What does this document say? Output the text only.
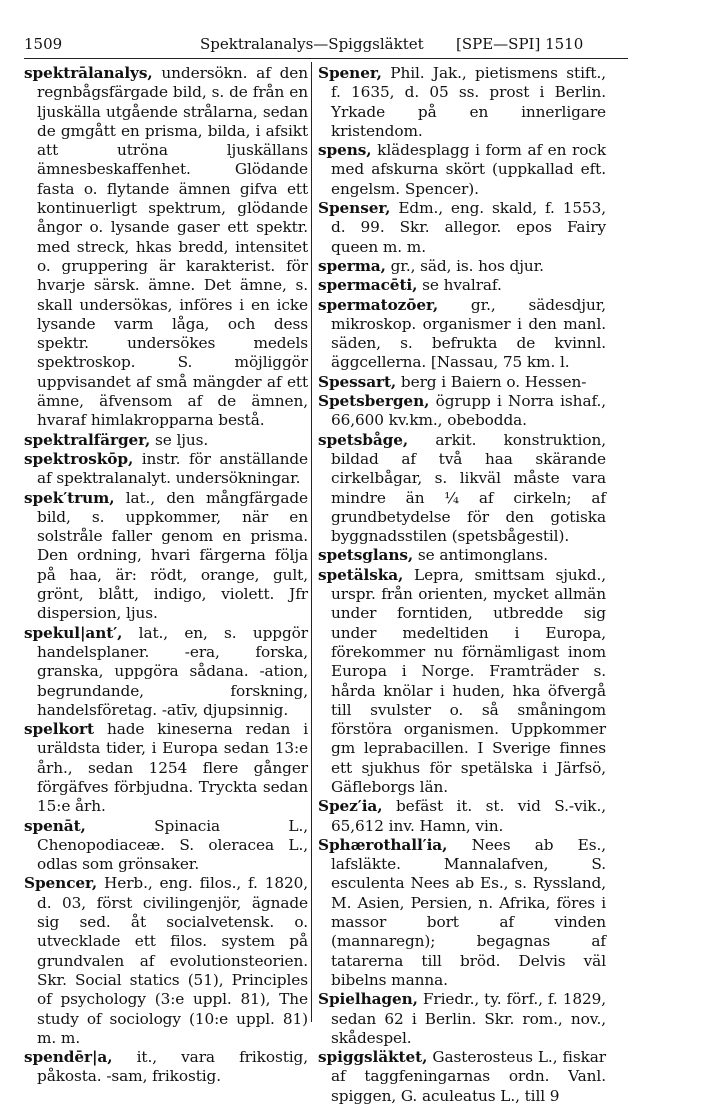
1509	Spektralanalys—Spiggsläktet [SPE—SPI] 1510

spektrālanalys, undersökn. af den regnbågsfärgade bild, s. de från en ljuskälla utgående strålarna, sedan de gmgått en prisma, bilda, i afsikt att utröna ljuskällans ämnesbeskaffenhet. Glödande fasta o. flytande ämnen gifva ett kontinuerligt spektrum, glödande ångor o. lysande gaser ett spektr. med streck, hkas bredd, intensitet o. gruppering är karakterist. för hvarje särsk. ämne. Det ämne, s. skall undersökas, införes i en icke lysande varm låga, och dess spektr. undersökes medels spektroskop. S. möjliggör uppvisandet af små mängder af ett ämne, äfvensom af de ämnen, hvaraf himlakropparna bestå.

spektralfärger, se ljus.

spektroskōp, instr. för anställande af spektralanalyt. undersökningar.

spek′trum, lat., den mångfärgade bild, s. uppkommer, när en solstråle faller genom en prisma. Den ordning, hvari färgerna följa på haa, är: rödt, orange, gult, grönt, blått, indigo, violett. Jfr dispersion, ljus.

spekul|ant′, lat., en, s. uppgör handelsplaner. -era, forska, granska, uppgöra sådana. -ation, begrundande, forskning, handelsföretag. -atīv, djupsinnig.

spelkort hade kineserna redan i uräldsta tider, i Europa sedan 13:e årh., sedan 1254 flere gånger förgäfves förbjudna. Tryckta sedan 15:e årh.

spenāt, Spinacia L., Chenopodiaceæ. S. oleracea L., odlas som grönsaker.

Spencer, Herb., eng. filos., f. 1820, d. 03, först civilingenjör, ägnade sig sed. åt socialvetensk. o. utvecklade ett filos. system på grundvalen af evolutionsteorien. Skr. Social statics (51), Principles of psychology (3:e uppl. 81), The study of sociology (10:e uppl. 81) m. m.

spendēr|a, it., vara frikostig, påkosta. -sam, frikostig.

Spener, Phil. Jak., pietismens stift., f. 1635, d. 05 ss. prost i Berlin. Yrkade på en innerligare kristendom.

spens, klädesplagg i form af en rock med afskurna skört (uppkallad eft. engelsm. Spencer).

Spenser, Edm., eng. skald, f. 1553, d. 99. Skr. allegor. epos Fairy queen m. m.

sperma, gr., säd, is. hos djur.

spermacēti, se hvalraf.

spermatozōer, gr., sädesdjur, mikroskop. organismer i den manl. säden, s. befrukta de kvinnl. äggcellerna. [Nassau, 75 km. l.

Spessart, berg i Baiern o. Hessen-

Spetsbergen, ögrupp i Norra ishaf., 66,600 kv.km., obebodda.

spetsbåge, arkit. konstruktion, bildad af två haa skärande cirkelbågar, s. likväl måste vara mindre än ¼ af cirkeln; af grundbetydelse för den gotiska byggnadsstilen (spetsbågestil).

spetsglans, se antimonglans.

spetälska, Lepra, smittsam sjukd., urspr. från orienten, mycket allmän under forntiden, utbredde sig under medeltiden i Europa, förekommer nu förnämligast inom Europa i Norge. Framträder s. hårda knölar i huden, hka öfvergå till svulster o. så småningom förstöra organismen. Uppkommer gm leprabacillen. I Sverige finnes ett sjukhus för spetälska i Järfsö, Gäfleborgs län.

Spez′ia, befäst it. st. vid S.-vik., 65,612 inv. Hamn, vin.

Sphærothall′ia, Nees ab Es., lafsläkte. Mannalafven, S. esculenta Nees ab Es., s. Ryssland, M. Asien, Persien, n. Afrika, föres i massor bort af vinden (mannaregn); begagnas af tatarerna till bröd. Delvis väl bibelns manna.

Spielhagen, Friedr., ty. förf., f. 1829, sedan 62 i Berlin. Skr. rom., nov., skådespel.

spiggsläktet, Gasterosteus L., fiskar af taggfeningarnas ordn. Vanl. spiggen, G. aculeatus L., till 9
